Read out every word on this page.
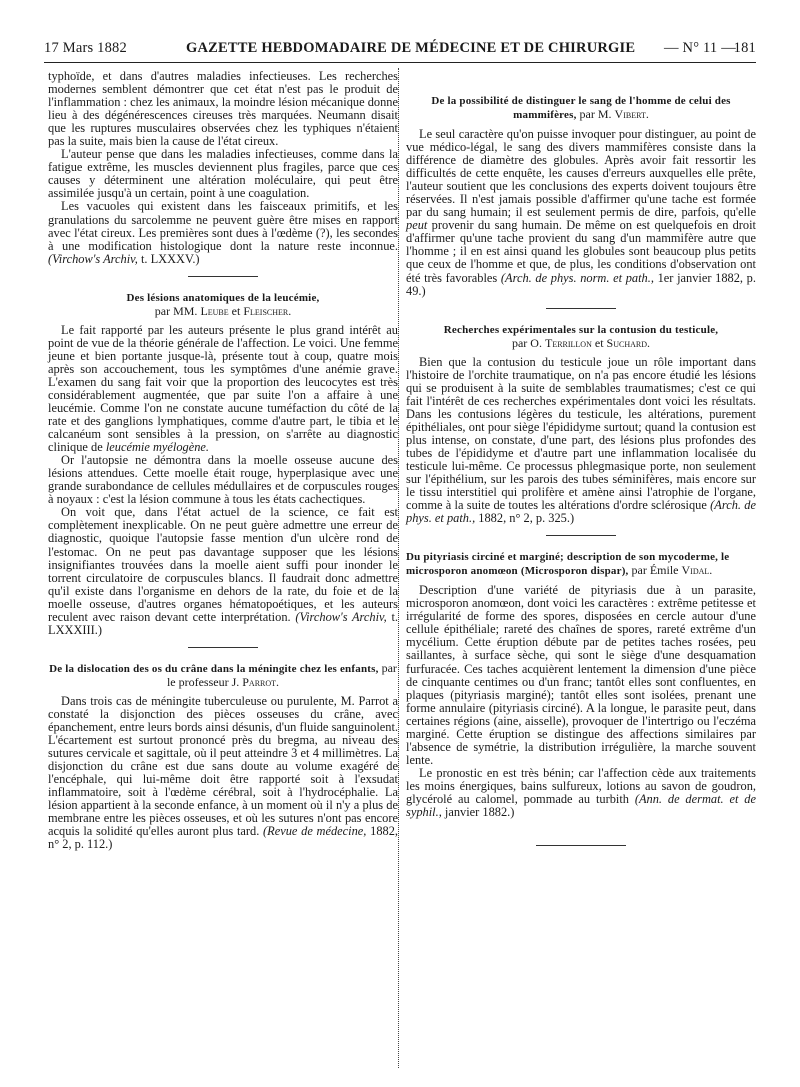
17 Mars 1882	GAZETTE HEBDOMADAIRE DE MÉDECINE ET DE CHIRURGIE — N° 11 —
181

typhoïde, et dans d'autres maladies infectieuses. Les recherches modernes semblent démontrer que cet état n'est pas le produit de l'inflammation : chez les animaux, la moindre lésion mécanique donne lieu à des dégénérescences cireuses très marquées. Neumann disait que les ruptures musculaires observées chez les typhiques n'étaient pas la suite, mais bien la cause de l'état cireux.

L'auteur pense que dans les maladies infectieuses, comme dans la fatigue extrême, les muscles deviennent plus fragiles, parce que ces causes y déterminent une altération moléculaire, qui peut être assimilée jusqu'à un certain, point à une coagulation.

Les vacuoles qui existent dans les faisceaux primitifs, et les granulations du sarcolemme ne peuvent guère être mises en rapport avec l'état cireux. Les premières sont dues à l'œdème (?), les secondes à une modification histologique dont la nature reste inconnue. (Virchow's Archiv, t. LXXXV.)

Des lésions anatomiques de la leucémie,
par MM. Leube et Fleischer.

Le fait rapporté par les auteurs présente le plus grand intérêt au point de vue de la théorie générale de l'affection. Le voici. Une femme jeune et bien portante jusque-là, présente tout à coup, quatre mois après son accouchement, tous les symptômes d'une anémie grave. L'examen du sang fait voir que la proportion des leucocytes est très considérablement augmentée, que par suite l'on a affaire à une leucémie. Comme l'on ne constate aucune tuméfaction du côté de la rate et des ganglions lymphatiques, comme d'autre part, le tibia et le calcanéum sont sensibles à la pression, on s'arrête au diagnostic clinique de leucémie myélogène.

Or l'autopsie ne démontra dans la moelle osseuse aucune des lésions attendues. Cette moelle était rouge, hyperplasique avec une grande surabondance de cellules médullaires et de corpuscules rouges à noyaux : c'est la lésion commune à tous les états cachectiques.

On voit que, dans l'état actuel de la science, ce fait est complètement inexplicable. On ne peut guère admettre une erreur de diagnostic, quoique l'autopsie fasse mention d'un ulcère rond de l'estomac. On ne peut pas davantage supposer que les lésions insignifiantes trouvées dans la moelle aient suffi pour inonder le torrent circulatoire de corpuscules blancs. Il faudrait donc admettre qu'il existe dans l'organisme en dehors de la rate, du foie et de la moelle osseuse, d'autres organes hématopoétiques, et les auteurs reculent avec raison devant cette interprétation. (Virchow's Archiv, t. LXXXIII.)

De la dislocation des os du crâne dans la méningite chez les enfants, par le professeur J. Parrot.

Dans trois cas de méningite tuberculeuse ou purulente, M. Parrot a constaté la disjonction des pièces osseuses du crâne, avec épanchement, entre leurs bords ainsi désunis, d'un fluide sanguinolent. L'écartement est surtout prononcé près du bregma, au niveau des sutures cervicale et sagittale, où il peut atteindre 3 et 4 millimètres. La disjonction du crâne est due sans doute au volume exagéré de l'encéphale, qui lui-même doit être rapporté soit à l'exsudat inflammatoire, soit à l'œdème cérébral, soit à l'hydrocéphalie. La lésion appartient à la seconde enfance, à un moment où il n'y a plus de membrane entre les pièces osseuses, et où les sutures n'ont pas encore acquis la solidité qu'elles auront plus tard. (Revue de médecine, 1882, n° 2, p. 112.)

De la possibilité de distinguer le sang de l'homme de celui des mammifères, par M. Vibert.

Le seul caractère qu'on puisse invoquer pour distinguer, au point de vue médico-légal, le sang des divers mammifères consiste dans la différence de diamètre des globules. Après avoir fait ressortir les difficultés de cette enquête, les causes d'erreurs auxquelles elle prête, l'auteur soutient que les conclusions des experts doivent toujours être réservées. Il n'est jamais possible d'affirmer qu'une tache est formée par du sang humain; il est seulement permis de dire, parfois, qu'elle peut provenir du sang humain. De même on est quelquefois en droit d'affirmer qu'une tache provient du sang d'un mammifère autre que l'homme ; il en est ainsi quand les globules sont beaucoup plus petits que ceux de l'homme et que, de plus, les conditions d'observation ont été très favorables (Arch. de phys. norm. et path., 1er janvier 1882, p. 49.)

Recherches expérimentales sur la contusion du testicule,
par O. Terrillon et Suchard.

Bien que la contusion du testicule joue un rôle important dans l'histoire de l'orchite traumatique, on n'a pas encore étudié les lésions qui se produisent à la suite de semblables traumatismes; c'est ce qui fait l'intérêt de ces recherches expérimentales dont voici les résultats. Dans les contusions légères du testicule, les altérations, purement épithéliales, ont pour siège l'épididyme surtout; quand la contusion est plus intense, on constate, d'une part, des lésions plus profondes des tubes de l'épididyme et d'autre part une inflammation localisée du testicule lui-même. Ce processus phlegmasique porte, non seulement sur l'épithélium, sur les parois des tubes séminifères, mais encore sur le tissu interstitiel qui prolifère et amène ainsi l'atrophie de l'organe, comme à la suite de toutes les altérations d'ordre sclérosique (Arch. de phys. et path., 1882, n° 2, p. 325.)

Du pityriasis circiné et marginé; description de son mycoderme, le microsporon anomœon (Microsporon dispar), par Émile Vidal.

Description d'une variété de pityriasis due à un parasite, microsporon anomœon, dont voici les caractères : extrême petitesse et irrégularité de forme des spores, disposées en cercle autour d'une cellule épithéliale; rareté des chaînes de spores, rareté extrême d'un mycélium. Cette éruption débute par de petites taches rosées, peu saillantes, à surface sèche, qui sont le siège d'une desquamation furfuracée. Ces taches acquièrent lentement la dimension d'une pièce de cinquante centimes ou d'un franc; tantôt elles sont confluentes, en plaques (pityriasis marginé); tantôt elles sont isolées, prenant une forme annulaire (pityriasis circiné). A la longue, le parasite peut, dans certaines régions (aine, aisselle), provoquer de l'intertrigo ou l'eczéma marginé. Cette éruption se distingue des affections similaires par l'absence de symétrie, la distribution irrégulière, la marche souvent lente.

Le pronostic en est très bénin; car l'affection cède aux traitements les moins énergiques, bains sulfureux, lotions au savon de goudron, glycérolé au calomel, pommade au turbith (Ann. de dermat. et de syphil., janvier 1882.)
